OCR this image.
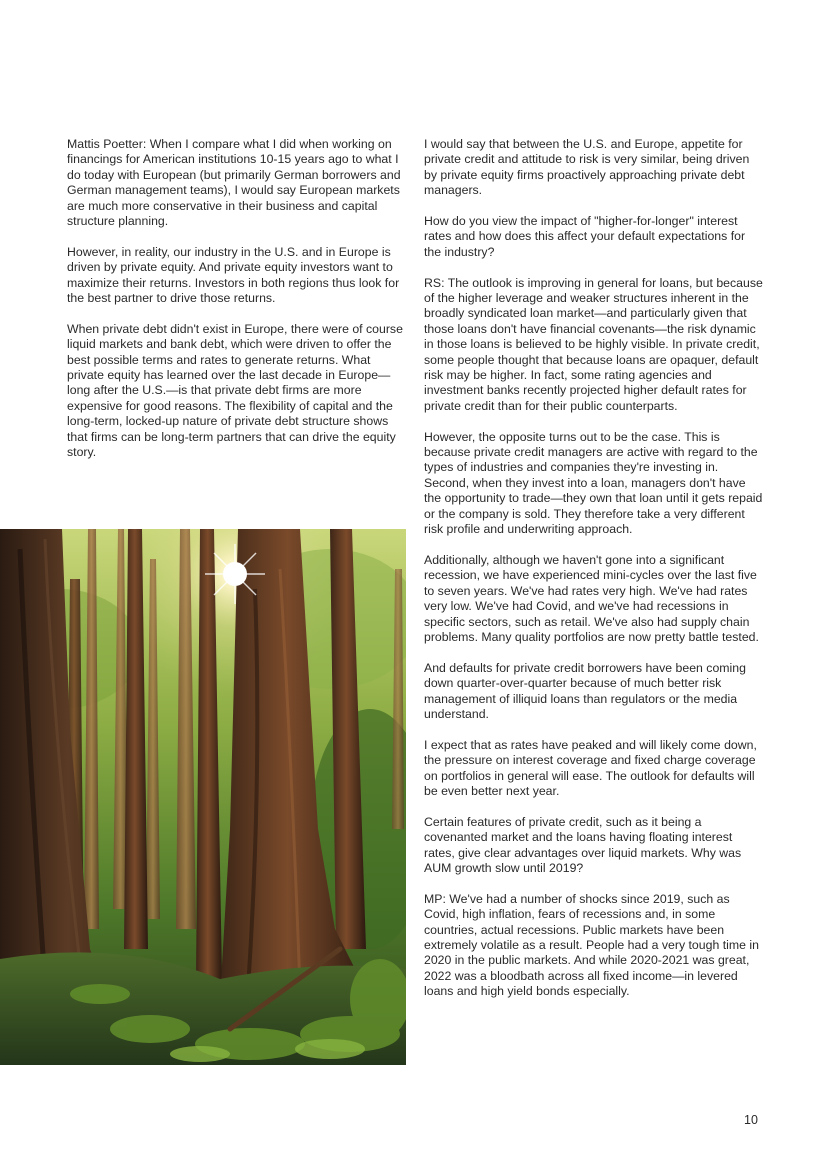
Mattis Poetter: When I compare what I did when working on financings for American institutions 10-15 years ago to what I do today with European (but primarily German borrowers and German management teams), I would say European markets are much more conservative in their business and capital structure planning.

However, in reality, our industry in the U.S. and in Europe is driven by private equity. And private equity investors want to maximize their returns. Investors in both regions thus look for the best partner to drive those returns.

When private debt didn't exist in Europe, there were of course liquid markets and bank debt, which were driven to offer the best possible terms and rates to generate returns. What private equity has learned over the last decade in Europe—long after the U.S.—is that private debt firms are more expensive for good reasons. The flexibility of capital and the long-term, locked-up nature of private debt structure shows that firms can be long-term partners that can drive the equity story.

I would say that between the U.S. and Europe, appetite for private credit and attitude to risk is very similar, being driven by private equity firms proactively approaching private debt managers.

How do you view the impact of "higher-for-longer" interest rates and how does this affect your default expectations for the industry?

RS: The outlook is improving in general for loans, but because of the higher leverage and weaker structures inherent in the broadly syndicated loan market—and particularly given that those loans don't have financial covenants—the risk dynamic in those loans is believed to be highly visible. In private credit, some people thought that because loans are opaquer, default risk may be higher. In fact, some rating agencies and investment banks recently projected higher default rates for private credit than for their public counterparts.

However, the opposite turns out to be the case. This is because private credit managers are active with regard to the types of industries and companies they're investing in. Second, when they invest into a loan, managers don't have the opportunity to trade—they own that loan until it gets repaid or the company is sold. They therefore take a very different risk profile and underwriting approach.

Additionally, although we haven't gone into a significant recession, we have experienced mini-cycles over the last five to seven years. We've had rates very high. We've had rates very low. We've had Covid, and we've had recessions in specific sectors, such as retail. We've also had supply chain problems. Many quality portfolios are now pretty battle tested.

And defaults for private credit borrowers have been coming down quarter-over-quarter because of much better risk management of illiquid loans than regulators or the media understand.

I expect that as rates have peaked and will likely come down, the pressure on interest coverage and fixed charge coverage on portfolios in general will ease. The outlook for defaults will be even better next year.

Certain features of private credit, such as it being a covenanted market and the loans having floating interest rates, give clear advantages over liquid markets. Why was AUM growth slow until 2019?

MP: We've had a number of shocks since 2019, such as Covid, high inflation, fears of recessions and, in some countries, actual recessions. Public markets have been extremely volatile as a result. People had a very tough time in 2020 in the public markets. And while 2020-2021 was great, 2022 was a bloodbath across all fixed income—in levered loans and high yield bonds especially.

10
